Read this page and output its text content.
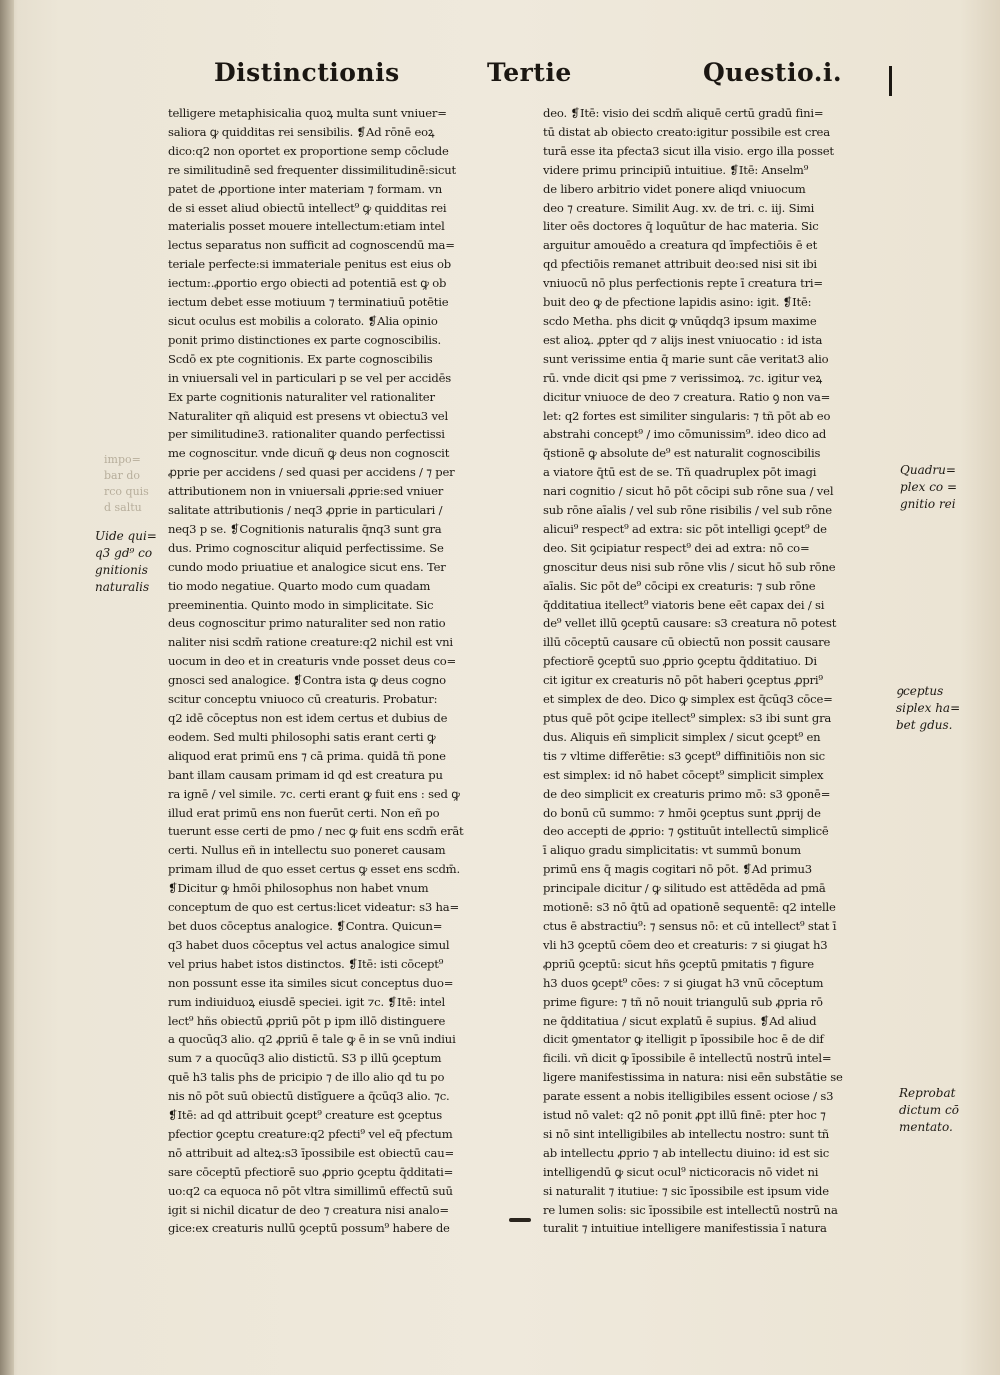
Distinctionis	Tertie	Questio.i.
impo=
bar do
rco quis
d saltu
telligere metaphisicalia quoꝝ multa sunt vniuer=
saliora ꝙ quidditas rei sensibilis. ❡Ad rōnē eoꝝ
dico:q2 non oportet ex proportione semp cōclude
re similitudinē sed frequenter dissimilitudinē:sicut
patet de ꝓportione inter materiam ⁊ formam. vn
de si esset aliud obiectū intellect⁹ ꝙ quidditas rei
materialis posset mouere intellectum:etiam intel
lectus separatus non sufficit ad cognoscendū ma=
teriale perfecte:si immateriale penitus est eius ob
iectum:.ꝓportio ergo obiecti ad potentiā est ꝙ ob
iectum debet esse motiuum ⁊ terminatiuū potētie
sicut oculus est mobilis a colorato. ❡Alia opinio
ponit primo distinctiones ex parte cognoscibilis.
Scdō ex pte cognitionis. Ex parte cognoscibilis
in vniuersali vel in particulari p se vel per accidēs
Ex parte cognitionis naturaliter vel rationaliter
Naturaliter qñ aliquid est presens vt obiectu3 vel
per similitudine3. rationaliter quando perfectissi
me cognoscitur. vnde dicuñ ꝙ deus non cognoscit
ꝓprie per accidens / sed quasi per accidens / ⁊ per
attributionem non in vniuersali ꝓprie:sed vniuer
salitate attributionis / neq3 ꝓprie in particulari /
neq3 p se. ❡Cognitionis naturalis q̄nq3 sunt gra
dus. Primo cognoscitur aliquid perfectissime. Se
cundo modo priuatiue et analogice sicut ens. Ter
tio modo negatiue. Quarto modo cum quadam
preeminentia. Quinto modo in simplicitate. Sic
deus cognoscitur primo naturaliter sed non ratio
naliter nisi scdm̄ ratione creature:q2 nichil est vni
uocum in deo et in creaturis vnde posset deus co=
gnosci sed analogice. ❡Contra ista ꝙ deus cogno
scitur conceptu vniuoco cū creaturis. Probatur:
q2 idē cōceptus non est idem certus et dubius de
eodem. Sed multi philosophi satis erant certi ꝙ
aliquod erat primū ens ⁊ cā prima. quidā tñ pone
bant illam causam primam id qd est creatura pu
ra ignē / vel simile. ⁊c. certi erant ꝙ fuit ens : sed ꝙ
illud erat primū ens non fuerūt certi. Non eñ po
tuerunt esse certi de pmo / nec ꝙ fuit ens scdm̄ erāt
certi. Nullus eñ in intellectu suo poneret causam
primam illud de quo esset certus ꝙ esset ens scdm̄.
❡Dicitur ꝙ hmōi philosophus non habet vnum
conceptum de quo est certus:licet videatur: s3 ha=
bet duos cōceptus analogice. ❡Contra. Quicun=
q3 habet duos cōceptus vel actus analogice simul
vel prius habet istos distinctos. ❡Itē: isti cōcept⁹
non possunt esse ita similes sicut conceptus duo=
rum indiuiduoꝝ eiusdē speciei. igit ⁊c. ❡Itē: intel
lect⁹ hñs obiectū ꝓpriū pōt p ipm illō distinguere
a quocūq3 alio. q2 ꝓpriū ē tale ꝙ ē in se vnū indiui
sum ⁊ a quocūq3 alio distictū. S3 p illū ꝯceptum
quē h3 talis phs de pricipio ⁊ de illo alio qd tu po
nis nō pōt suū obiectū distīguere a q̄cūq3 alio. ⁊c.
❡Itē: ad qd attribuit ꝯcept⁹ creature est ꝯceptus
pfectior ꝯceptu creature:q2 pfecti⁹ vel eq̄ pfectum
nō attribuit ad alteꝝ:s3 īpossibile est obiectū cau=
sare cōceptū pfectiorē suo ꝓprio ꝯceptu q̄dditati=
uo:q2 ca equoca nō pōt vltra simillimū effectū suū
igit si nichil dicatur de deo ⁊ creatura nisi analo=
gice:ex creaturis nullū ꝯceptū possum⁹ habere de
deo. ❡Itē: visio dei scdm̄ aliquē certū gradū fini=
tū distat ab obiecto creato:igitur possibile est crea
turā esse ita pfecta3 sicut illa visio. ergo illa posset
videre primu principiū intuitiue. ❡Itē: Anselm⁹
de libero arbitrio videt ponere aliqd vniuocum
deo ⁊ creature. Similit Aug. xv. de tri. c. iij. Simi
liter oēs doctores q̄ loquūtur de hac materia. Sic
arguitur amouēdo a creatura qd īmpfectiōis ē et
qd pfectiōis remanet attribuit deo:sed nisi sit ibi
vniuocū nō plus perfectionis repte ī creatura tri=
buit deo ꝙ de pfectione lapidis asino: igit. ❡Itē:
scdo Metha. phs dicit ꝙ vnūqdq3 ipsum maxime
est alioꝝ. ꝓpter qd ⁊ alijs inest vniuocatio : id ista
sunt verissime entia q̄ marie sunt cāe veritat3 alio
rū. vnde dicit qsi pme ⁊ verissimoꝝ. ⁊c. igitur veꝝ
dicitur vniuoce de deo ⁊ creatura. Ratio ꝯ non va=
let: q2 fortes est similiter singularis: ⁊ tñ pōt ab eo
abstrahi concept⁹ / imo cōmunissim⁹. ideo dico ad
q̄stionē ꝙ absolute de⁹ est naturalit cognoscibilis
a viatore q̄tū est de se. Tñ quadruplex pōt imagi
nari cognitio / sicut hō pōt cōcipi sub rōne sua / vel
sub rōne aīalis / vel sub rōne risibilis / vel sub rōne
alicui⁹ respect⁹ ad extra: sic pōt intelligi ꝯcept⁹ de
deo. Sit ꝯcipiatur respect⁹ dei ad extra: nō co=
gnoscitur deus nisi sub rōne vlis / sicut hō sub rōne
aīalis. Sic pōt de⁹ cōcipi ex creaturis: ⁊ sub rōne
q̄dditatiua itellect⁹ viatoris bene eēt capax dei / si
de⁹ vellet illū ꝯceptū causare: s3 creatura nō potest
illū cōceptū causare cū obiectū non possit causare
pfectiorē ꝯceptū suo ꝓprio ꝯceptu q̄dditatiuo. Di
cit igitur ex creaturis nō pōt haberi ꝯceptus ꝓpri⁹
et simplex de deo. Dico ꝙ simplex est q̄cūq3 cōce=
ptus quē pōt ꝯcipe itellect⁹ simplex: s3 ibi sunt gra
dus. Aliquis eñ simplicit simplex / sicut ꝯcept⁹ en
tis ⁊ vltime differētie: s3 ꝯcept⁹ diffinitiōis non sic
est simplex: id nō habet cōcept⁹ simplicit simplex
de deo simplicit ex creaturis primo mō: s3 ꝯponē=
do bonū cū summo: ⁊ hmōi ꝯceptus sunt ꝓprij de
deo accepti de ꝓprio: ⁊ ꝯstituūt intellectū simplicē
ī aliquo gradu simplicitatis: vt summū bonum
primū ens q̄ magis cogitari nō pōt. ❡Ad primu3
principale dicitur / ꝙ silitudo est attēdēda ad pmā
motionē: s3 nō q̄tū ad opationē sequentē: q2 intelle
ctus ē abstractiu⁹: ⁊ sensus nō: et cū intellect⁹ stat ī
vli h3 ꝯceptū cōem deo et creaturis: ⁊ si ꝯiugat h3
ꝓpriū ꝯceptū: sicut hñs ꝯceptū pmitatis ⁊ figure
h3 duos ꝯcept⁹ cōes: ⁊ si ꝯiugat h3 vnū cōceptum
prime figure: ⁊ tñ nō nouit triangulū sub ꝓpria rō
ne q̄dditatiua / sicut explatū ē supius. ❡Ad aliud
dicit ꝯmentator ꝙ itelligit p īpossibile hoc ē de dif
ficili. vñ dicit ꝙ īpossibile ē intellectū nostrū intel=
ligere manifestissima in natura: nisi eēn substātie se
parate essent a nobis itelligibiles essent ociose / s3
istud nō valet: q2 nō ponit ꝓpt illū finē: pter hoc ⁊
si nō sint intelligibiles ab intellectu nostro: sunt tñ
ab intellectu ꝓprio ⁊ ab intellectu diuino: id est sic
intelligendū ꝙ sicut ocul⁹ nicticoracis nō videt ni
si naturalit ⁊ itutiue: ⁊ sic īpossibile est ipsum vide
re lumen solis: sic īpossibile est intellectū nostrū na
turalit ⁊ intuitiue intelligere manifestissia ī natura
Uide qui=
q3 gd⁹ co
gnitionis
naturalis
Quadru=
plex co =
gnitio rei
ꝯceptus
siplex ha=
bet gdus.
Reprobat
dictum cō
mentato.
